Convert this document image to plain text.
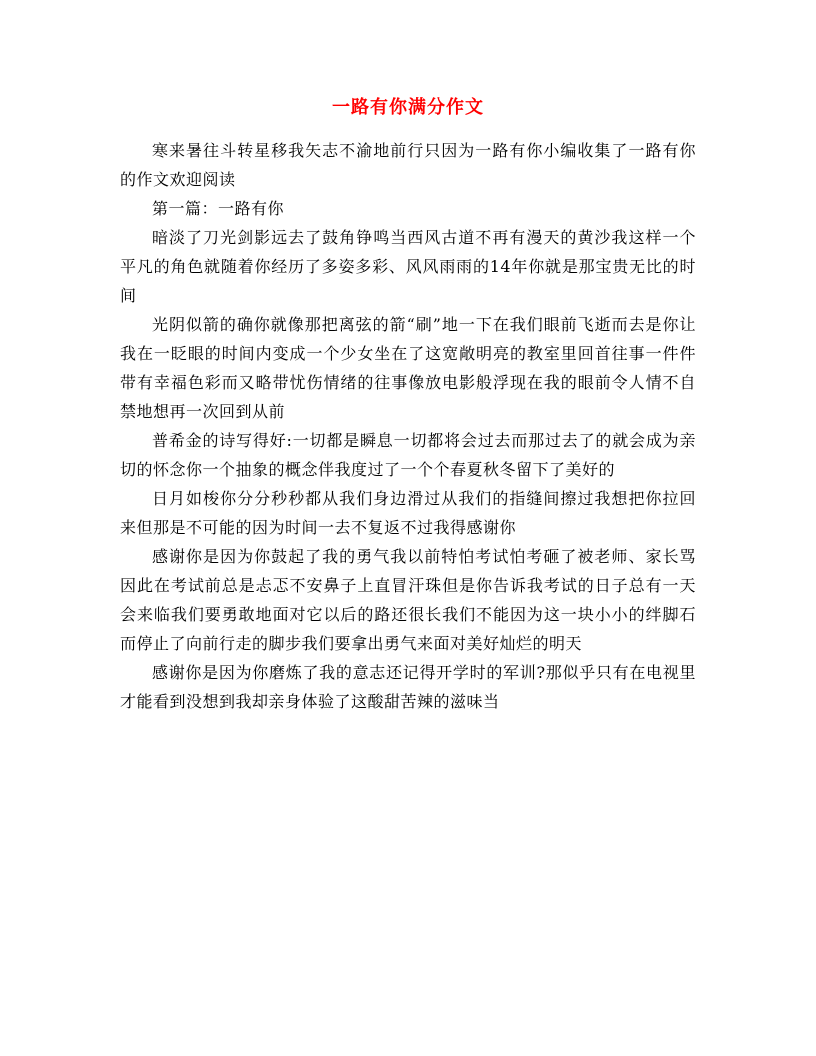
一路有你满分作文

寒来暑往斗转星移我矢志不渝地前行只因为一路有你小编收集了一路有你的作文欢迎阅读

第一篇：一路有你

暗淡了刀光剑影远去了鼓角铮鸣当西风古道不再有漫天的黄沙我这样一个平凡的角色就随着你经历了多姿多彩、风风雨雨的14年你就是那宝贵无比的时间

光阴似箭的确你就像那把离弦的箭“刷”地一下在我们眼前飞逝而去是你让我在一眨眼的时间内变成一个少女坐在了这宽敞明亮的教室里回首往事一件件带有幸福色彩而又略带忧伤情绪的往事像放电影般浮现在我的眼前令人情不自禁地想再一次回到从前

普希金的诗写得好:一切都是瞬息一切都将会过去而那过去了的就会成为亲切的怀念你一个抽象的概念伴我度过了一个个春夏秋冬留下了美好的

日月如梭你分分秒秒都从我们身边滑过从我们的指缝间擦过我想把你拉回来但那是不可能的因为时间一去不复返不过我得感谢你

感谢你是因为你鼓起了我的勇气我以前特怕考试怕考砸了被老师、家长骂因此在考试前总是忐忑不安鼻子上直冒汗珠但是你告诉我考试的日子总有一天会来临我们要勇敢地面对它以后的路还很长我们不能因为这一块小小的绊脚石而停止了向前行走的脚步我们要拿出勇气来面对美好灿烂的明天

感谢你是因为你磨炼了我的意志还记得开学时的军训?那似乎只有在电视里才能看到没想到我却亲身体验了这酸甜苦辣的滋味当
